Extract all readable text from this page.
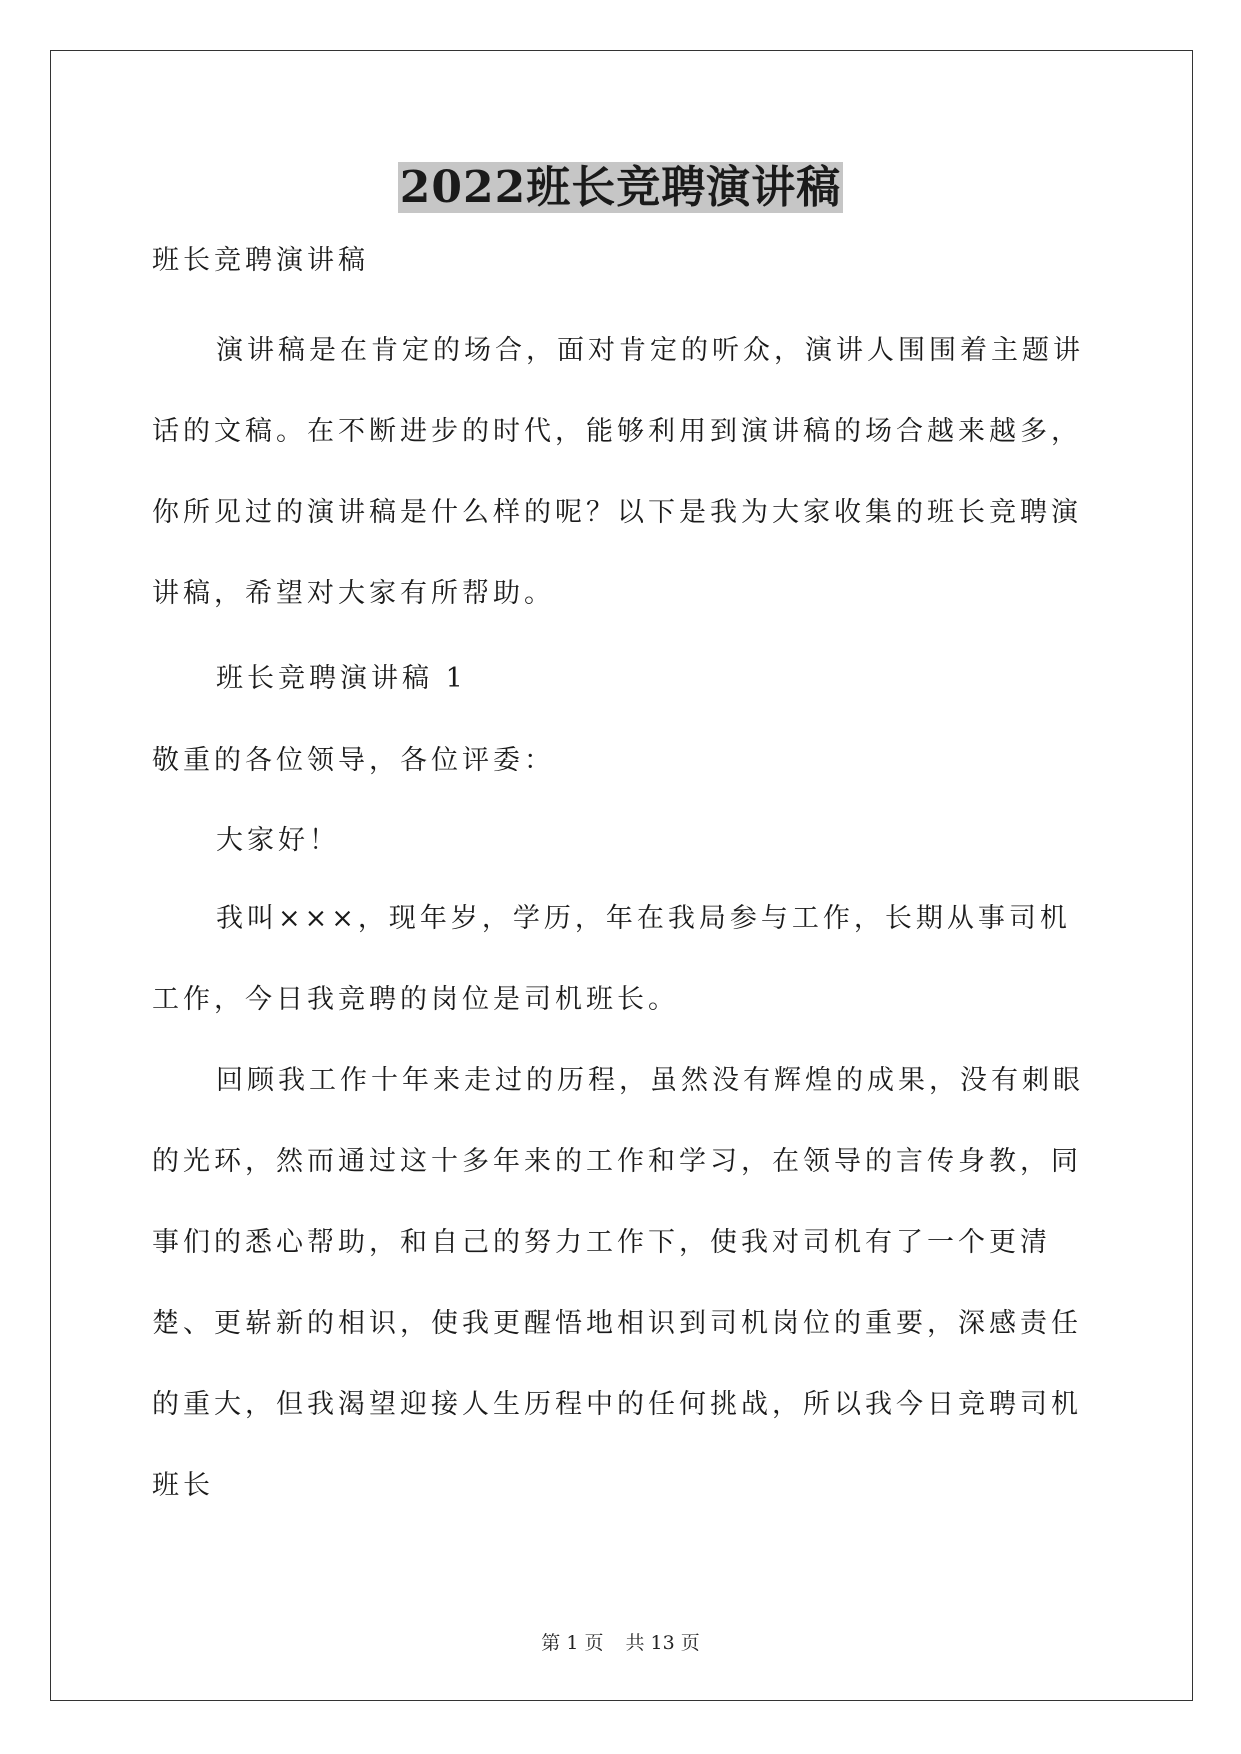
2022班长竞聘演讲稿

班长竞聘演讲稿

演讲稿是在肯定的场合，面对肯定的听众，演讲人围围着主题讲话的文稿。在不断进步的时代，能够利用到演讲稿的场合越来越多，你所见过的演讲稿是什么样的呢？以下是我为大家收集的班长竞聘演讲稿，希望对大家有所帮助。

班长竞聘演讲稿 1

敬重的各位领导，各位评委：

大家好！

我叫×××，现年岁，学历，年在我局参与工作，长期从事司机工作，今日我竞聘的岗位是司机班长。

回顾我工作十年来走过的历程，虽然没有辉煌的成果，没有刺眼的光环，然而通过这十多年来的工作和学习，在领导的言传身教，同事们的悉心帮助，和自己的努力工作下，使我对司机有了一个更清楚、更崭新的相识，使我更醒悟地相识到司机岗位的重要，深感责任的重大，但我渴望迎接人生历程中的任何挑战，所以我今日竞聘司机班长

第 1 页 共 13 页
